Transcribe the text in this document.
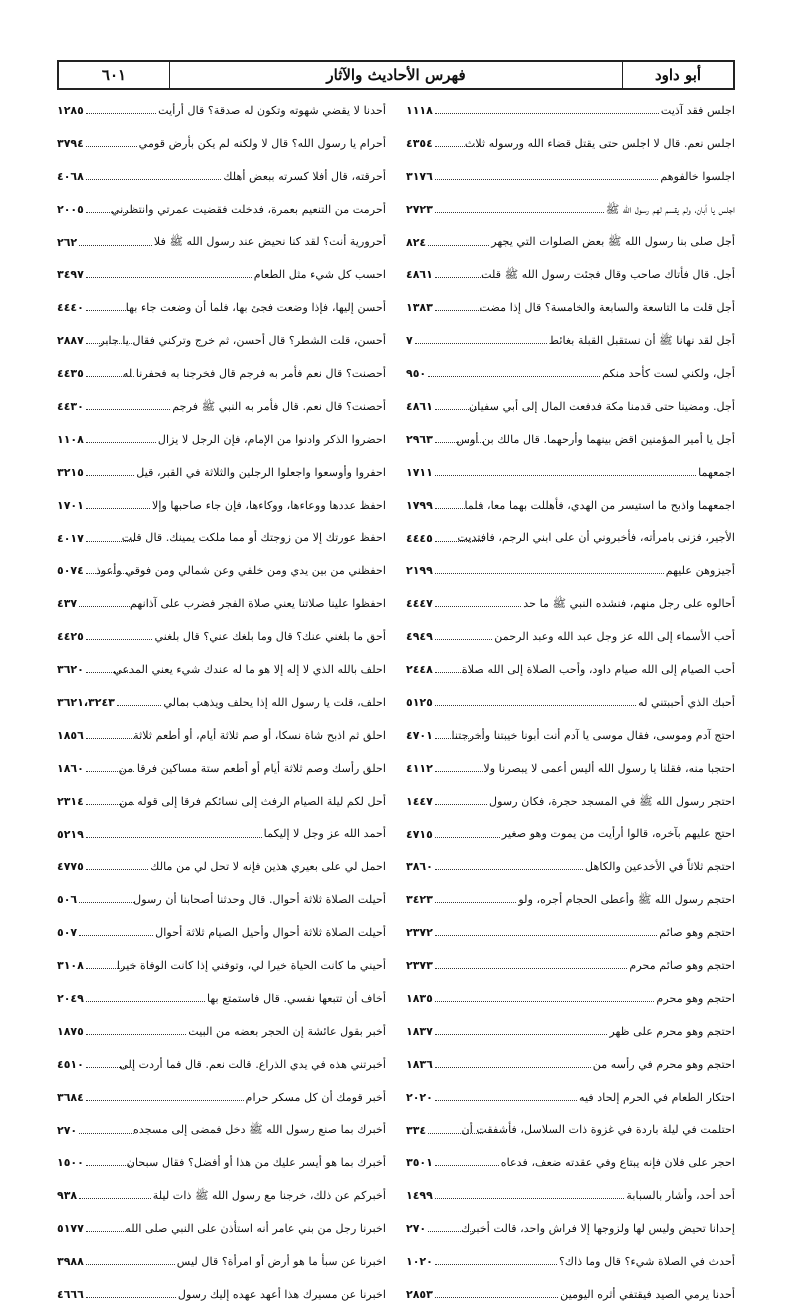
أبو داود
فهرس الأحاديث والآثار
٦٠١
اجلس فقد آذيت
١١١٨
اجلس نعم. قال لا اجلس حتى يقتل قضاء الله ورسوله ثلاث
٤٣٥٤
اجلسوا خالفوهم
٣١٧٦
اجلس يا أبان، ولم يقسم لهم رسول الله ﷺ
٢٧٢٣
أجل صلى بنا رسول الله ﷺ بعض الصلوات التي يجهر
٨٢٤
أجل. قال فأتاك صاحب وقال فجئت رسول الله ﷺ قلت
٤٨٦١
أجل قلت ما التاسعة والسابعة والخامسة؟ قال إذا مضت
١٣٨٣
أجل لقد نهانا ﷺ أن نستقبل القبلة بغائط
٧
أجل، ولكني لست كأحد منكم
٩٥٠
أجل. ومضينا حتى قدمنا مكة فدفعت المال إلى أبي سفيان
٤٨٦١
أجل يا أمير المؤمنين اقض بينهما وأرحهما. قال مالك بن أوس
٢٩٦٣
اجمعهما
١٧١١
اجمعهما واذبح ما استيسر من الهدي، فأهللت بهما معا، فلما
١٧٩٩
الأجير، فزنى بامرأته، فأخبروني أن على ابني الرجم، فافتديت
٤٤٤٥
أجيزوهن عليهم
٢١٩٩
أحالوه على رجل منهم، فنشده النبي ﷺ ما حد
٤٤٤٧
أحب الأسماء إلى الله عز وجل عبد الله وعبد الرحمن
٤٩٤٩
أحب الصيام إلى الله صيام داود، وأحب الصلاة إلى الله صلاة
٢٤٤٨
أحبك الذي أحببتني له
٥١٢٥
احتج آدم وموسى، فقال موسى يا آدم أنت أبونا خيبتنا وأخرجتنا
٤٧٠١
احتجبا منه، فقلنا يا رسول الله أليس أعمى لا يبصرنا ولا
٤١١٢
احتجر رسول الله ﷺ في المسجد حجرة، فكان رسول
١٤٤٧
احتج عليهم بآخره، قالوا أرأيت من يموت وهو صغير
٤٧١٥
احتجم ثلاثاً في الأخدعين والكاهل
٣٨٦٠
احتجم رسول الله ﷺ وأعطى الحجام أجره، ولو
٣٤٢٣
احتجم وهو صائم
٢٣٧٢
احتجم وهو صائم محرم
٢٣٧٣
احتجم وهو محرم
١٨٣٥
احتجم وهو محرم على ظهر
١٨٣٧
احتجم وهو محرم في رأسه من
١٨٣٦
احتكار الطعام في الحرم إلحاد فيه
٢٠٢٠
احتلمت في ليلة باردة في غزوة ذات السلاسل، فأشفقت أن
٣٣٤
احجر على فلان فإنه يبتاع وفي عقدته ضعف، فدعاه
٣٥٠١
أحد أحد، وأشار بالسبابة
١٤٩٩
إحدانا تحيض وليس لها ولزوجها إلا فراش واحد، قالت أخبرك
٢٧٠
أحدث في الصلاة شيء؟ قال وما ذاك؟
١٠٢٠
أحدنا يرمي الصيد فيقتفي أثره اليومين
٢٨٥٣
أحدنا لا يقضي شهوته وتكون له صدقة؟ قال أرأيت
١٢٨٥
أحرام يا رسول الله؟ قال لا ولكنه لم يكن بأرض قومي
٣٧٩٤
أحرقته، قال أفلا كسرته ببعض أهلك
٤٠٦٨
أحرمت من التنعيم بعمرة، فدخلت فقضيت عمرتي وانتظرني
٢٠٠٥
أحرورية أنت؟ لقد كنا نحيض عند رسول الله ﷺ فلا
٢٦٢
احسب كل شيء مثل الطعام
٣٤٩٧
أحسن إليها، فإذا وضعت فجئ بها، فلما أن وضعت جاء بها
٤٤٤٠
أحسن، قلت الشطر؟ قال أحسن، ثم خرج وتركني فقال يا جابر
٢٨٨٧
أحصنت؟ قال نعم فأمر به فرجم قال فخرجنا به فحفرنا له
٤٤٣٥
أحصنت؟ قال نعم. قال فأمر به النبي ﷺ فرجم
٤٤٣٠
احضروا الذكر وادنوا من الإمام، فإن الرجل لا يزال
١١٠٨
احفروا وأوسعوا واجعلوا الرجلين والثلاثة في القبر، قيل
٣٢١٥
احفظ عددها ووعاءها، ووكاءها، فإن جاء صاحبها وإلا
١٧٠١
احفظ عورتك إلا من زوجتك أو مما ملكت يمينك. قال قلت
٤٠١٧
احفظني من بين يدي ومن خلفي وعن شمالي ومن فوقي وأعوذ
٥٠٧٤
احفظوا علينا صلاتنا يعني صلاة الفجر فضرب على آذانهم
٤٣٧
أحق ما بلغني عنك؟ قال وما بلغك عني؟ قال بلغني
٤٤٢٥
احلف بالله الذي لا إله إلا هو ما له عندك شيء يعني المدعي
٣٦٢٠
احلف، قلت يا رسول الله إذا يحلف ويذهب بمالي
٣٦٢١،٣٢٤٣
احلق ثم اذبح شاة نسكا، أو صم ثلاثة أيام، أو أطعم ثلاثة
١٨٥٦
احلق رأسك وصم ثلاثة أيام أو أطعم ستة مساكين فرقا من
١٨٦٠
أحل لكم ليلة الصيام الرفث إلى نسائكم فرقا إلى قوله من
٢٣١٤
أحمد الله عز وجل لا إليكما
٥٢١٩
احمل لي على بعيري هذين فإنه لا تحل لي من مالك
٤٧٧٥
أحيلت الصلاة ثلاثة أحوال. قال وحدثنا أصحابنا أن رسول
٥٠٦
أحيلت الصلاة ثلاثة أحوال وأحيل الصيام ثلاثة أحوال
٥٠٧
أحيني ما كانت الحياة خيرا لي، وتوفني إذا كانت الوفاة خيرا
٣١٠٨
أخاف أن تتبعها نفسي. قال فاستمتع بها
٢٠٤٩
أخبر بقول عائشة إن الحجر بعضه من البيت
١٨٧٥
أخبرتني هذه في يدي الذراع. قالت نعم. قال فما أردت إلى
٤٥١٠
أخبر قومك أن كل مسكر حرام
٣٦٨٤
أخبرك بما صنع رسول الله ﷺ دخل فمضى إلى مسجده
٢٧٠
أخبرك بما هو أيسر عليك من هذا أو أفضل؟ فقال سبحان
١٥٠٠
أخبركم عن ذلك، خرجنا مع رسول الله ﷺ ذات ليلة
٩٣٨
اخبرنا رجل من بني عامر أنه استأذن على النبي صلى الله
٥١٧٧
اخبرنا عن سبأ ما هو أرض أو امرأة؟ قال ليس
٣٩٨٨
اخبرنا عن مسيرك هذا أعهد عهده إليك رسول
٤٦٦٦
